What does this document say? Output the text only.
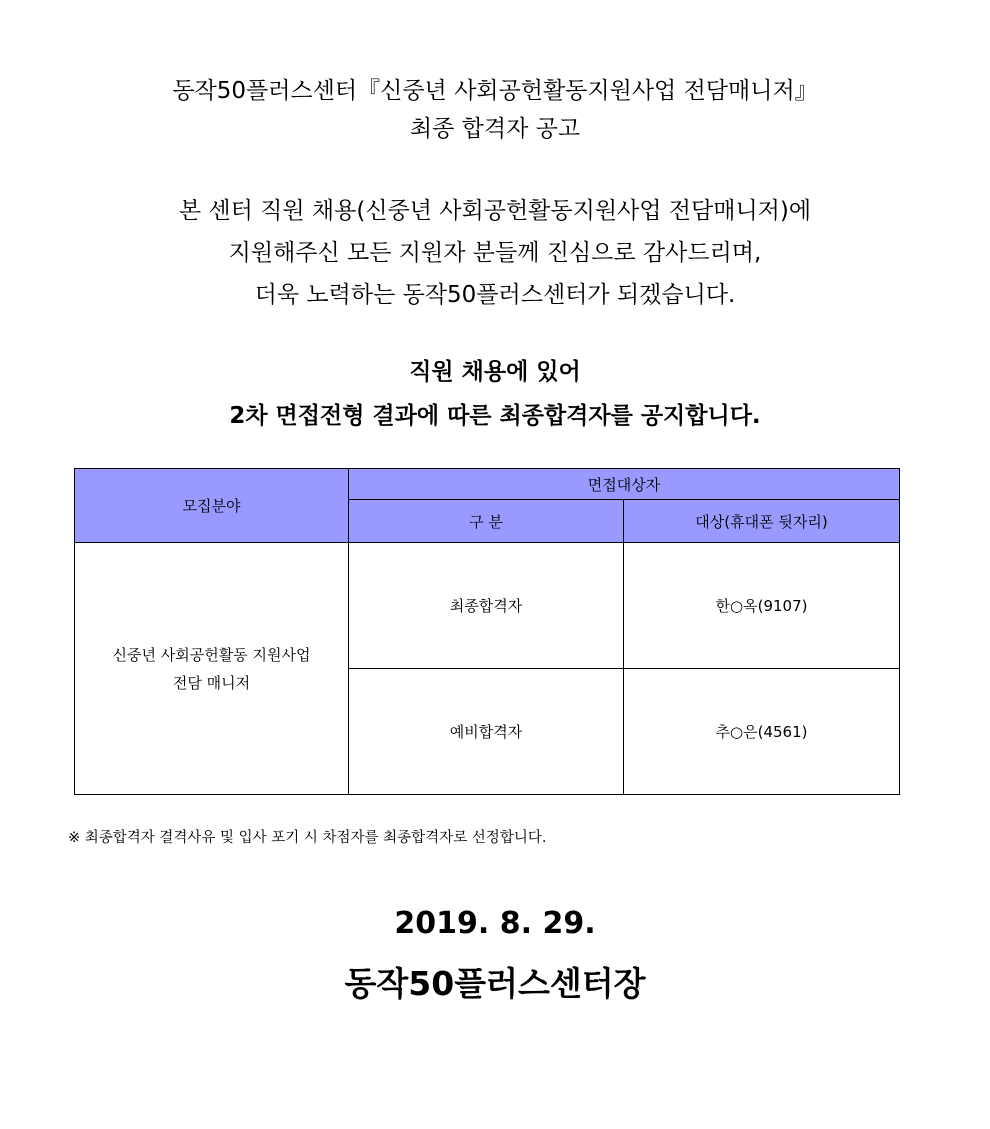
동작50플러스센터『신중년 사회공헌활동지원사업 전담매니저』
최종 합격자 공고
본 센터 직원 채용(신중년 사회공헌활동지원사업 전담매니저)에
지원해주신 모든 지원자 분들께 진심으로 감사드리며,
더욱 노력하는 동작50플러스센터가 되겠습니다.
직원 채용에 있어
2차 면접전형 결과에 따른 최종합격자를 공지합니다.
모집분야	면접대상자	
	구 분	대상(휴대폰 뒷자리)

신중년 사회공헌활동 지원사업
전담 매니저	최종합격자	한○옥(9107)
	예비합격자	추○은(4561)
※ 최종합격자 결격사유 및 입사 포기 시 차점자를 최종합격자로 선정합니다.
2019. 8. 29.
동작50플러스센터장
